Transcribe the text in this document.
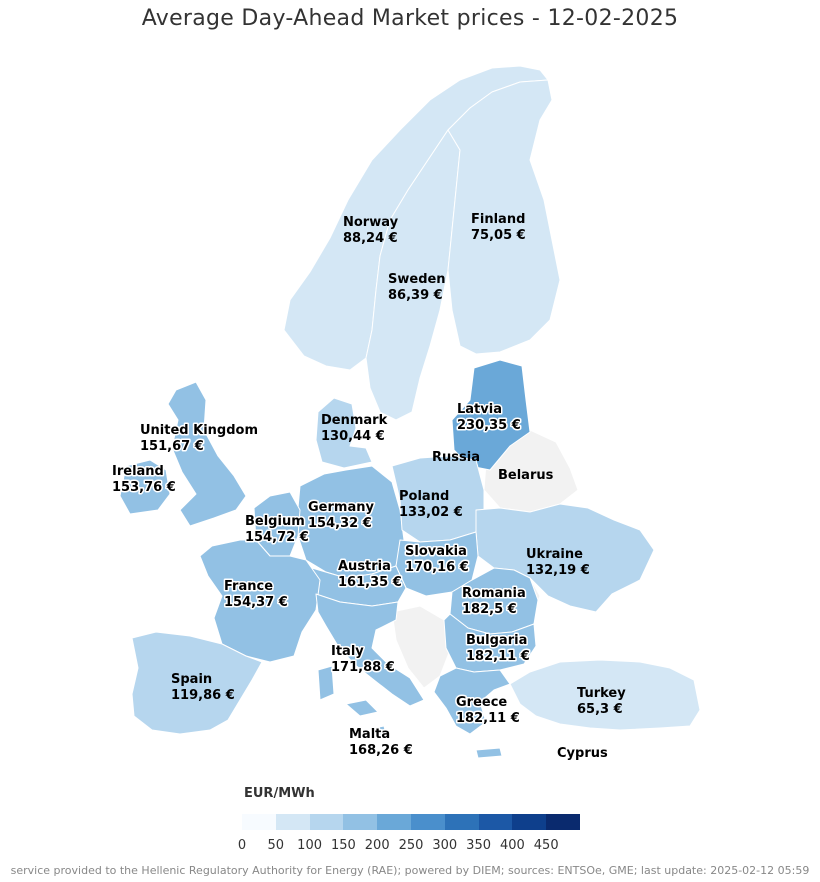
Average Day-Ahead Market prices - 12-02-2025
Norway
88,24 €
Sweden
86,39 €
Finland
75,05 €
Latvia
230,35 €
Denmark
130,44 €
United Kingdom
151,67 €
Ireland
153,76 €
Germany
154,32 €
Belgium
154,72 €
Poland
133,02 €
France
154,37 €
Austria
161,35 €
Slovakia
170,16 €
Ukraine
132,19 €
Romania
182,5 €
Bulgaria
182,11 €
Italy
171,88 €
Spain
119,86 €	Greece
182,11 €
Turkey
65,3 €
Malta
168,26 €
Russia
Belarus
Cyprus
EUR/MWh
0 50 100 150 200 250 300 350 400 450
service provided to the Hellenic Regulatory Authority for Energy (RAE); powered by DIEM; sources: ENTSOe, GME; last update: 2025-02-12 05:59
